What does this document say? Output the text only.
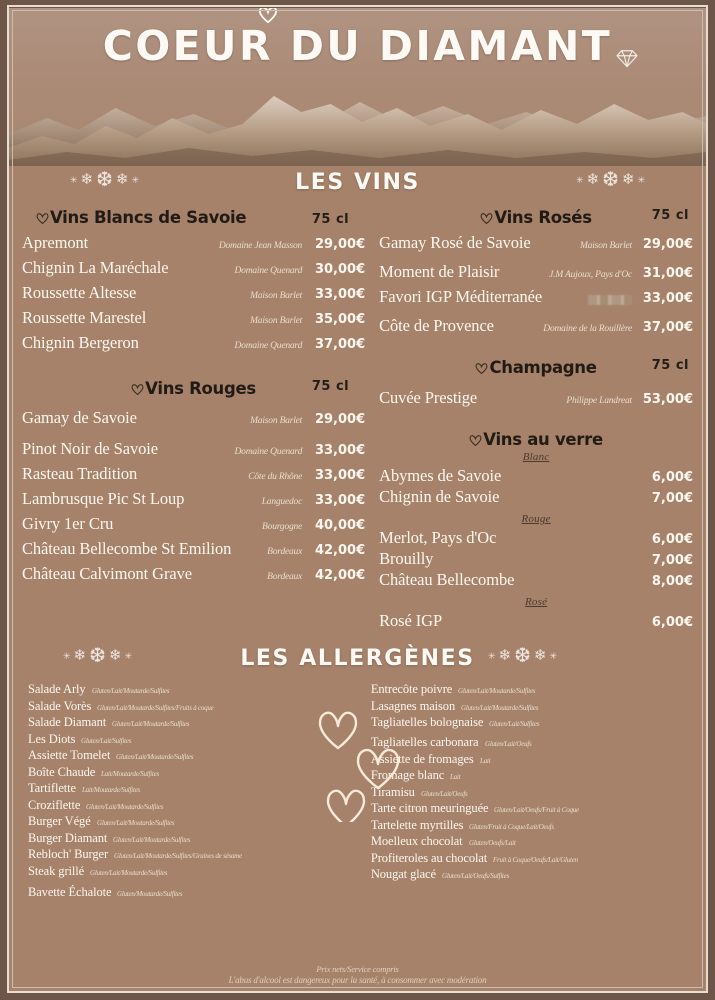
COEUR DU DIAMANT
✳ ❄ ❆ ❄ ✳	LES VINS	✳ ❄ ❆ ❄ ✳
Vins Blancs de Savoie	75 cl
Apremont	Domaine Jean Masson 29,00€
Chignin La Maréchale	Domaine Quenard 30,00€
Roussette Altesse	Maison Barlet 33,00€
Roussette Marestel	Maison Barlet 35,00€
Chignin Bergeron	Domaine Quenard 37,00€
Vins Rouges	75 cl
Gamay de Savoie	Maison Barlet 29,00€
Pinot Noir de Savoie	Domaine Quenard 33,00€
Rasteau Tradition	Côte du Rhône 33,00€
Lambrusque Pic St Loup	Languedoc 33,00€
Givry 1er Cru	Bourgogne 40,00€
Château Bellecombe St Emilion	Bordeaux 42,00€
Château Calvimont Grave	Bordeaux 42,00€
Vins Rosés	75 cl
Gamay Rosé de Savoie	Maison Barlet 29,00€
Moment de Plaisir	J.M Aujoux, Pays d'Oc 31,00€
Favori IGP Méditerranée	33,00€
Côte de Provence	Domaine de la Rouillère 37,00€
Champagne	75 cl
Cuvée Prestige	Philippe Landreat 53,00€
Vins au verre
Blanc
Abymes de Savoie	6,00€
Chignin de Savoie	7,00€
Rouge
Merlot, Pays d'Oc	6,00€
Brouilly	7,00€
Château Bellecombe	8,00€
Rosé
Rosé IGP	6,00€
✳ ❄ ❆ ❄ ✳	LES ALLERGÈNES ✳ ❄ ❆ ❄ ✳
Salade Arly Gluten/Lait/Moutarde/Sulfites
Salade Vorès Gluten/Lait/Moutarde/Sulfites/Fruits à coque
Salade Diamant Gluten/Lait/Moutarde/Sulfites
Les Diots Gluten/Lait/Sulfites
Assiette Tomelet Gluten/Lait/Moutarde/Sulfites
Boîte Chaude Lait/Moutarde/Sulfites
Tartiflette Lait/Moutarde/Sulfites
Croziflette Gluten/Lait/Moutarde/Sulfites
Burger Végé Gluten/Lait/Moutarde/Sulfites
Burger Diamant Gluten/Lait/Moutarde/Sulfites
Rebloch' Burger Gluten/Lait/Moutarde/Sulfites/Graines de sésame
Steak grillé Gluten/Lait/Moutarde/Sulfites
Bavette Échalote Gluten/Moutarde/Sulfites
Entrecôte poivre Gluten/Lait/Moutarde/Sulfites
Lasagnes maison Gluten/Lait/Moutarde/Sulfites
Tagliatelles bolognaise Gluten/Lait/Sulfites
Tagliatelles carbonara Gluten/Lait/Oeufs
Assiette de fromages Lait
Fromage blanc Lait
Tiramisu Gluten/Lait/Oeufs
Tarte citron meuringuée Gluten/Lait/Oeufs/Fruit à Coque
Tartelette myrtilles Gluten/Fruit à Coque/Lait/Oeufs
Moelleux chocolat Gluten/Oeufs/Lait
Profiteroles au chocolat Fruit à Coque/Oeufs/Lait/Gluten
Nougat glacé Gluten/Lait/Oeufs/Sulfites
Prix nets/Service compris
L'abus d'alcool est dangereux pour la santé, à consommer avec modération
